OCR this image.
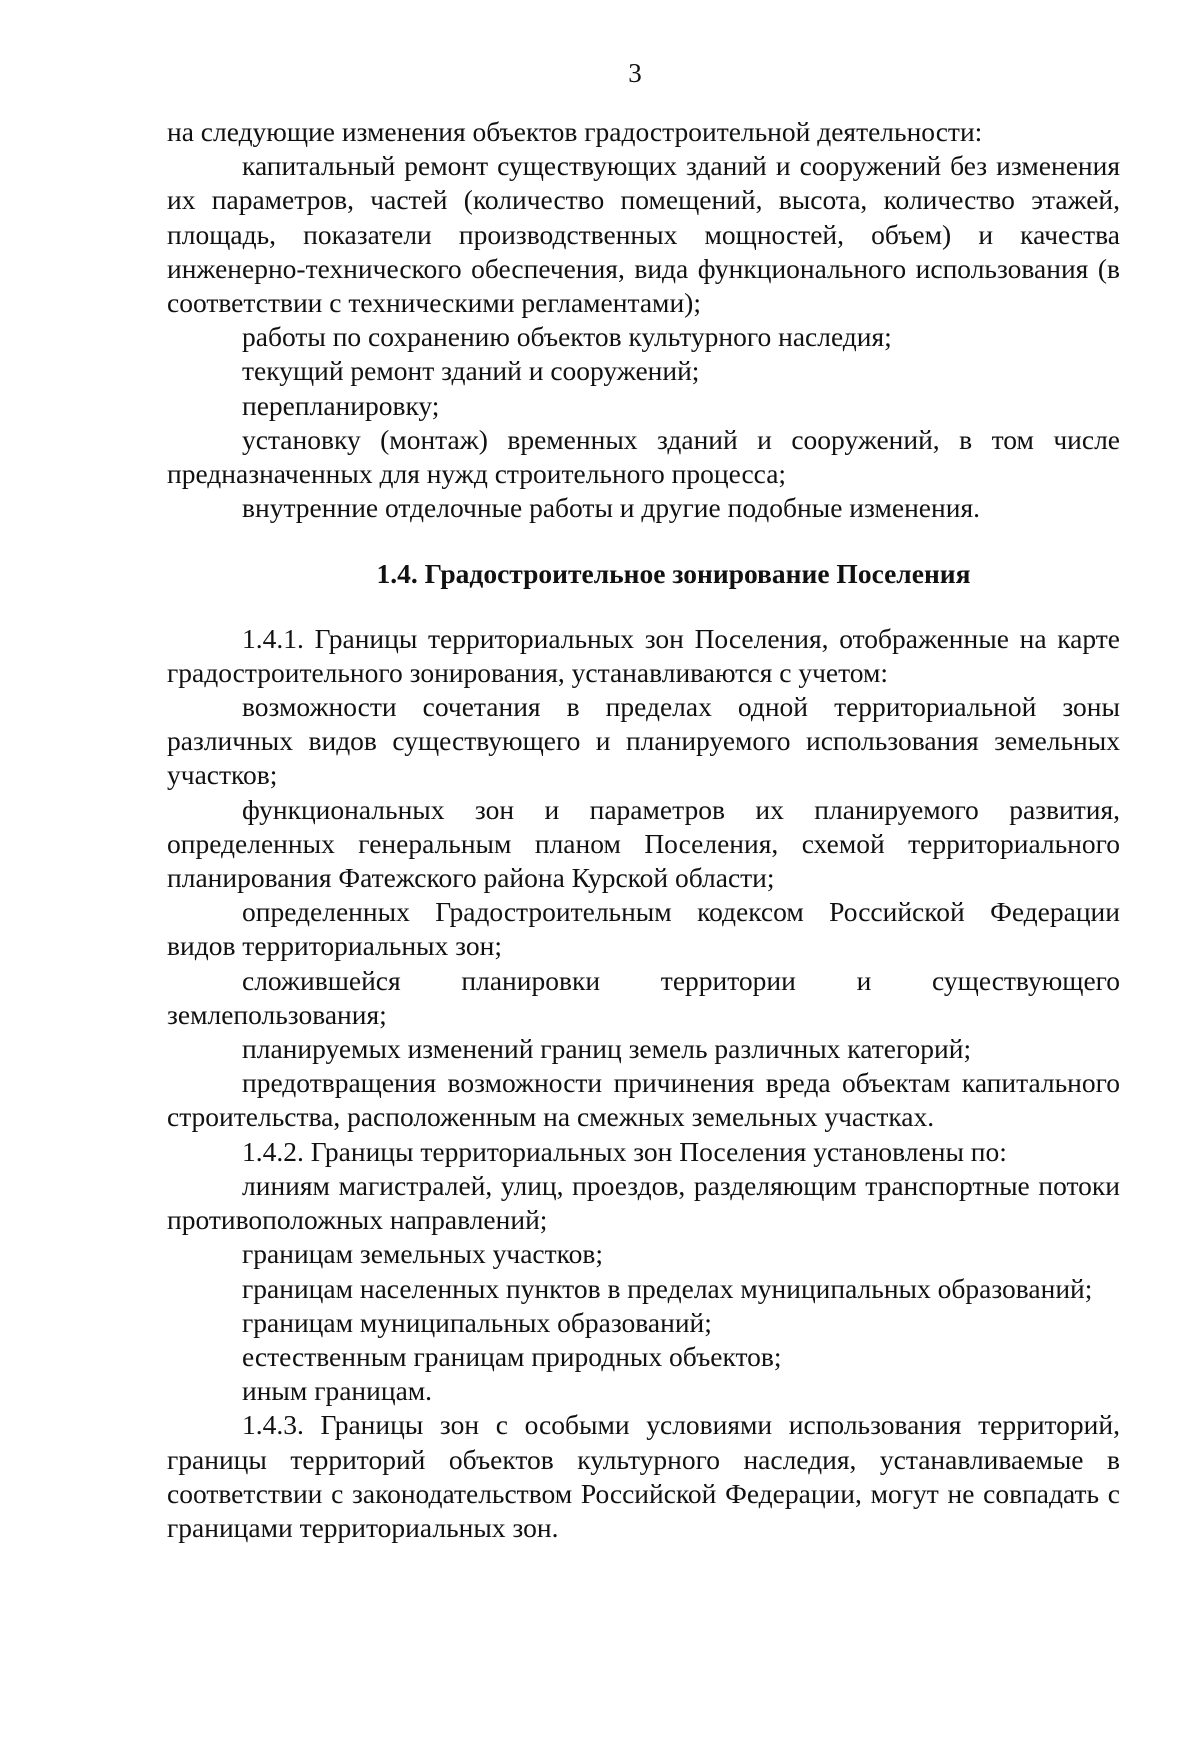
3

на следующие изменения объектов градостроительной деятельности:

капитальный ремонт существующих зданий и сооружений без изменения их параметров, частей (количество помещений, высота, количество этажей, площадь, показатели производственных мощностей, объем) и качества инженерно-технического обеспечения, вида функционального использования (в соответствии с техническими регламентами);

работы по сохранению объектов культурного наследия;

текущий ремонт зданий и сооружений;

перепланировку;

установку (монтаж) временных зданий и сооружений, в том числе предназначенных для нужд строительного процесса;

внутренние отделочные работы и другие подобные изменения.

1.4. Градостроительное зонирование Поселения

1.4.1. Границы территориальных зон Поселения, отображенные на карте градостроительного зонирования, устанавливаются с учетом:

возможности сочетания в пределах одной территориальной зоны различных видов существующего и планируемого использования земельных участков;

функциональных зон и параметров их планируемого развития, определенных генеральным планом Поселения, схемой территориального планирования Фатежского района Курской области;

определенных Градостроительным кодексом Российской Федерации видов территориальных зон;

сложившейся планировки территории и существующего землепользования;

планируемых изменений границ земель различных категорий;

предотвращения возможности причинения вреда объектам капитального строительства, расположенным на смежных земельных участках.

1.4.2. Границы территориальных зон Поселения установлены по:

линиям магистралей, улиц, проездов, разделяющим транспортные потоки противоположных направлений;

границам земельных участков;

границам населенных пунктов в пределах муниципальных образований;

границам муниципальных образований;

естественным границам природных объектов;

иным границам.

1.4.3. Границы зон с особыми условиями использования территорий, границы территорий объектов культурного наследия, устанавливаемые в соответствии с законодательством Российской Федерации, могут не совпадать с границами территориальных зон.
